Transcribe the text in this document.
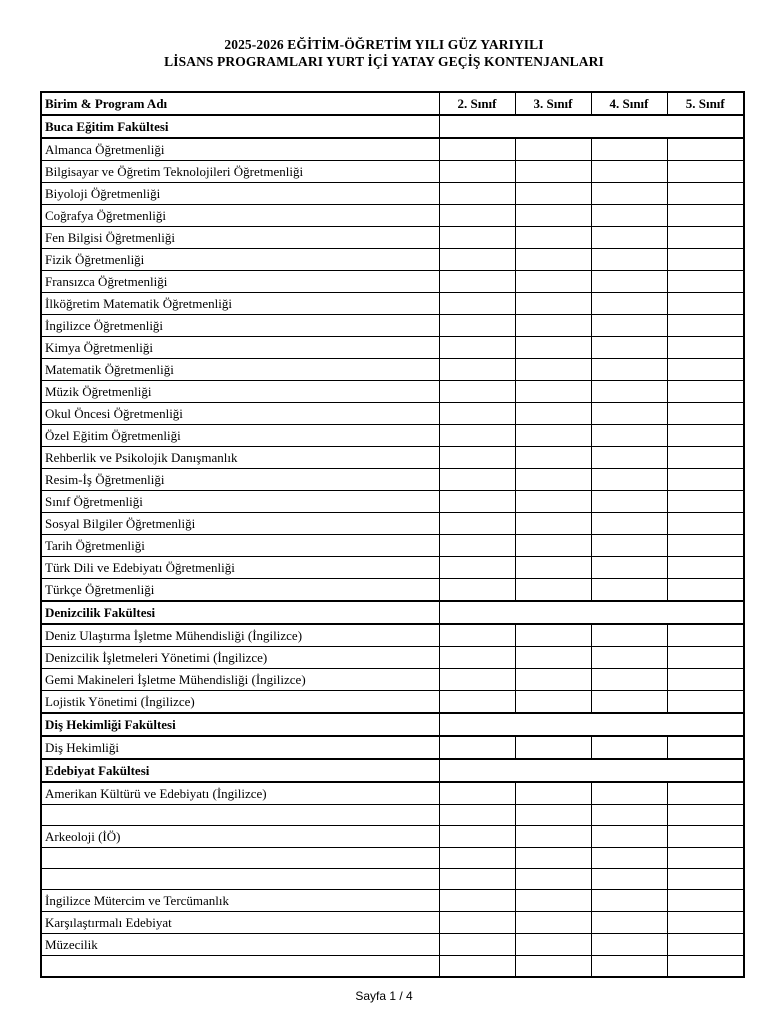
2025-2026 EĞİTİM-ÖĞRETİM YILI GÜZ YARIYILI
LİSANS PROGRAMLARI YURT İÇİ YATAY GEÇİŞ KONTENJANLARI
Birim & Program Adı	2. Sınıf	3. Sınıf	4. Sınıf	5. Sınıf
Buca Eğitim Fakültesi				
Almanca Öğretmenliği				
Bilgisayar ve Öğretim Teknolojileri Öğretmenliği				
Biyoloji Öğretmenliği				
Coğrafya Öğretmenliği				
Fen Bilgisi Öğretmenliği				
Fizik Öğretmenliği				
Fransızca Öğretmenliği				
İlköğretim Matematik Öğretmenliği				
İngilizce Öğretmenliği				
Kimya Öğretmenliği				
Matematik Öğretmenliği				
Müzik Öğretmenliği				
Okul Öncesi Öğretmenliği				
Özel Eğitim Öğretmenliği				
Rehberlik ve Psikolojik Danışmanlık				
Resim-İş Öğretmenliği				
Sınıf Öğretmenliği				
Sosyal Bilgiler Öğretmenliği				
Tarih Öğretmenliği				
Türk Dili ve Edebiyatı Öğretmenliği				
Türkçe Öğretmenliği				
Denizcilik Fakültesi				
Deniz Ulaştırma İşletme Mühendisliği (İngilizce)				
Denizcilik İşletmeleri Yönetimi (İngilizce)				
Gemi Makineleri İşletme Mühendisliği (İngilizce)				
Lojistik Yönetimi (İngilizce)				
Diş Hekimliği Fakültesi				
Diş Hekimliği				
Edebiyat Fakültesi				
Amerikan Kültürü ve Edebiyatı (İngilizce)				

Arkeoloji (İÖ)				

İngilizce Mütercim ve Tercümanlık				
Karşılaştırmalı Edebiyat				
Müzecilik				

Sayfa 1 / 4
